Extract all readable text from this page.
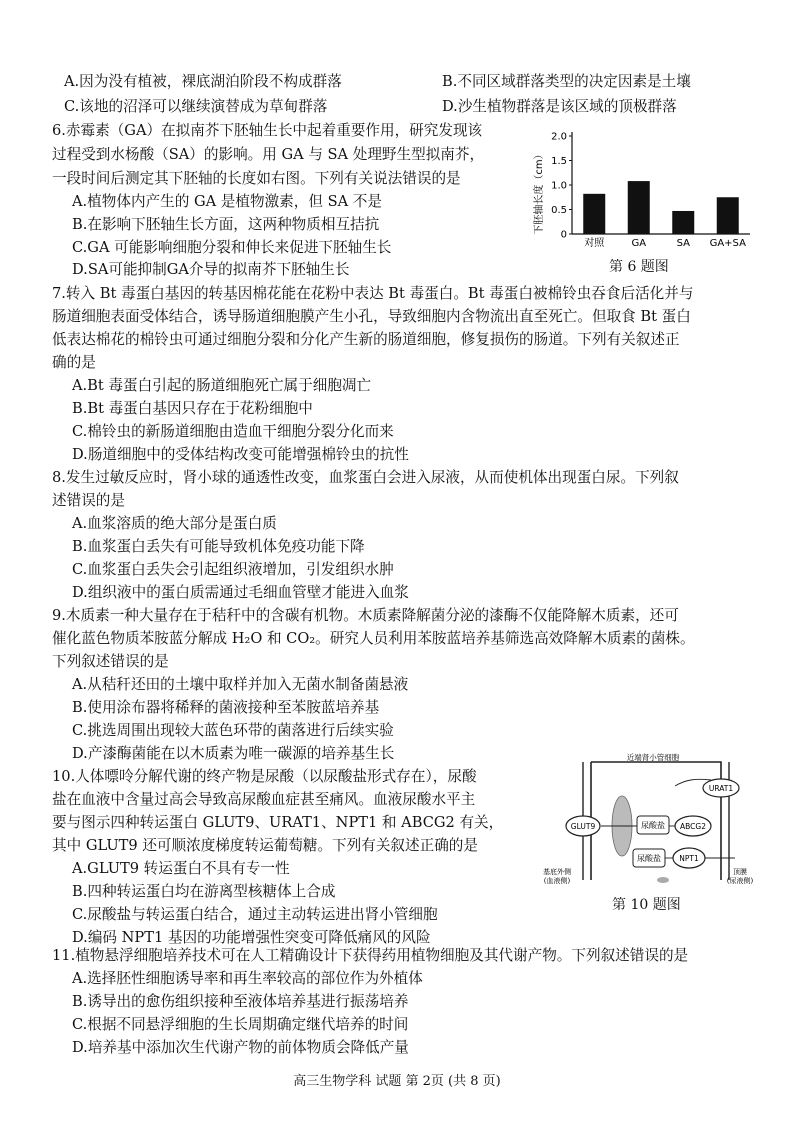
A.因为没有植被，裸底湖泊阶段不构成群落	B.不同区域群落类型的决定因素是土壤
C.该地的沼泽可以继续演替成为草甸群落	D.沙生植物群落是该区域的顶极群落
6.赤霉素（GA）在拟南芥下胚轴生长中起着重要作用，研究发现该
过程受到水杨酸（SA）的影响。用 GA 与 SA 处理野生型拟南芥，
一段时间后测定其下胚轴的长度如右图。下列有关说法错误的是
A.植物体内产生的 GA 是植物激素，但 SA 不是
B.在影响下胚轴生长方面，这两种物质相互拮抗
C.GA 可能影响细胞分裂和伸长来促进下胚轴生长
D.SA可能抑制GA介导的拟南芥下胚轴生长
下胚轴长度（cm）
0
0.5
1.0
1.5
2.0
对照	GA	SA GA+SA
第 6 题图
7.转入 Bt 毒蛋白基因的转基因棉花能在花粉中表达 Bt 毒蛋白。Bt 毒蛋白被棉铃虫吞食后活化并与
肠道细胞表面受体结合，诱导肠道细胞膜产生小孔，导致细胞内含物流出直至死亡。但取食 Bt 蛋白
低表达棉花的棉铃虫可通过细胞分裂和分化产生新的肠道细胞，修复损伤的肠道。下列有关叙述正
确的是
A.Bt 毒蛋白引起的肠道细胞死亡属于细胞凋亡
B.Bt 毒蛋白基因只存在于花粉细胞中
C.棉铃虫的新肠道细胞由造血干细胞分裂分化而来
D.肠道细胞中的受体结构改变可能增强棉铃虫的抗性
8.发生过敏反应时，肾小球的通透性改变，血浆蛋白会进入尿液，从而使机体出现蛋白尿。下列叙
述错误的是
A.血浆溶质的绝大部分是蛋白质
B.血浆蛋白丢失有可能导致机体免疫功能下降
C.血浆蛋白丢失会引起组织液增加，引发组织水肿
D.组织液中的蛋白质需通过毛细血管壁才能进入血浆
9.木质素一种大量存在于秸秆中的含碳有机物。木质素降解菌分泌的漆酶不仅能降解木质素，还可
催化蓝色物质苯胺蓝分解成 H₂O 和 CO₂。研究人员利用苯胺蓝培养基筛选高效降解木质素的菌株。
下列叙述错误的是
A.从秸秆还田的土壤中取样并加入无菌水制备菌悬液
B.使用涂布器将稀释的菌液接种至苯胺蓝培养基
C.挑选周围出现较大蓝色环带的菌落进行后续实验
D.产漆酶菌能在以木质素为唯一碳源的培养基生长
10.人体嘌呤分解代谢的终产物是尿酸（以尿酸盐形式存在），尿酸
盐在血液中含量过高会导致高尿酸血症甚至痛风。血液尿酸水平主
要与图示四种转运蛋白 GLUT9、URAT1、NPT1 和 ABCG2 有关，
其中 GLUT9 还可顺浓度梯度转运葡萄糖。下列有关叙述正确的是
A.GLUT9 转运蛋白不具有专一性
B.四种转运蛋白均在游离型核糖体上合成
C.尿酸盐与转运蛋白结合，通过主动转运进出肾小管细胞
D.编码 NPT1 基因的功能增强性突变可降低痛风的风险
近端肾小管细胞
GLUT9	尿酸盐
URAT1
ABCG2
尿酸盐 NPT1
基底外侧
(血液侧)
顶膜
(尿液侧)
第 10 题图
11.植物悬浮细胞培养技术可在人工精确设计下获得药用植物细胞及其代谢产物。下列叙述错误的是
A.选择胚性细胞诱导率和再生率较高的部位作为外植体
B.诱导出的愈伤组织接种至液体培养基进行振荡培养
C.根据不同悬浮细胞的生长周期确定继代培养的时间
D.培养基中添加次生代谢产物的前体物质会降低产量
高三生物学科 试题 第 2页 (共 8 页)
